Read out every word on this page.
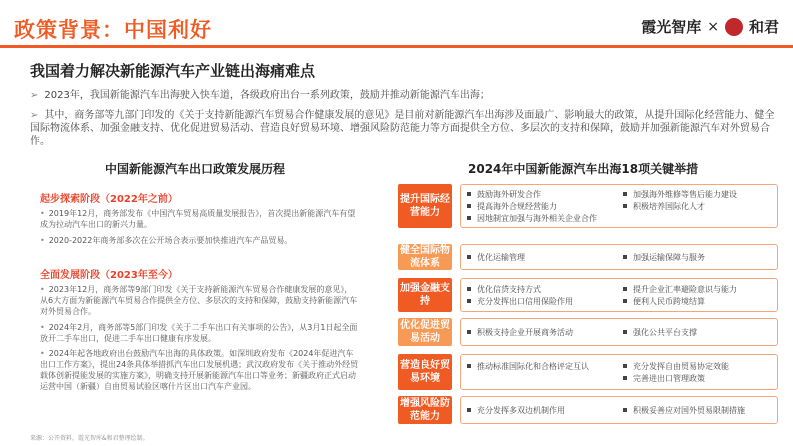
政策背景：中国利好	霞光智库 × 和君
我国着力解决新能源汽车产业链出海痛难点
➢ 2023年，我国新能源汽车出海驶入快车道，各级政府出台一系列政策，鼓励并推动新能源汽车出海；
➢ 其中，商务部等九部门印发的《关于支持新能源汽车贸易合作健康发展的意见》是目前对新能源汽车出海涉及面最广、影响最大的政策，从提升国际化经营能力、健全国际物流体系、加强金融支持、优化促进贸易活动、营造良好贸易环境、增强风险防范能力等方面提供全方位、多层次的支持和保障，鼓励并加强新能源汽车对外贸易合作。
中国新能源汽车出口政策发展历程	2024年中国新能源汽车出海18项关键举措
起步探索阶段（2022年之前）
• 2019年12月，商务部发布《中国汽车贸易高质量发展报告》，首次提出新能源汽车有望成为拉动汽车出口的新兴力量。
• 2020-2022年商务部多次在公开场合表示要加快推进汽车产品贸易。
全面发展阶段（2023年至今）
• 2023年12月，商务部等9部门印发《关于支持新能源汽车贸易合作健康发展的意见》，从6大方面为新能源汽车贸易合作提供全方位、多层次的支持和保障，鼓励支持新能源汽车对外贸易合作。
• 2024年2月，商务部等5部门印发《关于二手车出口有关事项的公告》，从3月1日起全面放开二手车出口，促进二手车出口健康有序发展。
• 2024年起各地政府出台鼓励汽车出海的具体政策。如深圳政府发布《2024年促进汽车出口工作方案》，提出24条具体举措抓汽车出口发展机遇；武汉政府发布《关于推动外经贸载体创新提能发展的实施方案》，明确支持开展新能源汽车出口等业务；新疆政府正式启动运营中国（新疆）自由贸易试验区喀什片区出口汽车产业园。
提升国际经营能力
鼓励海外研发合作	加强海外维修等售后能力建设
提高海外合规经营能力	积极培养国际化人才
因地制宜加强与海外相关企业合作
健全国际物流体系
优化运输管理	加强运输保障与服务
加强金融支持
优化信贷支持方式	提升企业汇率避险意识与能力
充分发挥出口信用保险作用	便利人民币跨境结算
优化促进贸易活动
积极支持企业开展商务活动	强化公共平台支撑
营造良好贸易环境
推动标准国际化和合格评定互认	充分发挥自由贸易协定效能
完善进出口管理政策
增强风险防范能力
充分发挥多双边机制作用	积极妥善应对国外贸易限制措施
来源：公开资料，霞光智库&和君整理绘制。
